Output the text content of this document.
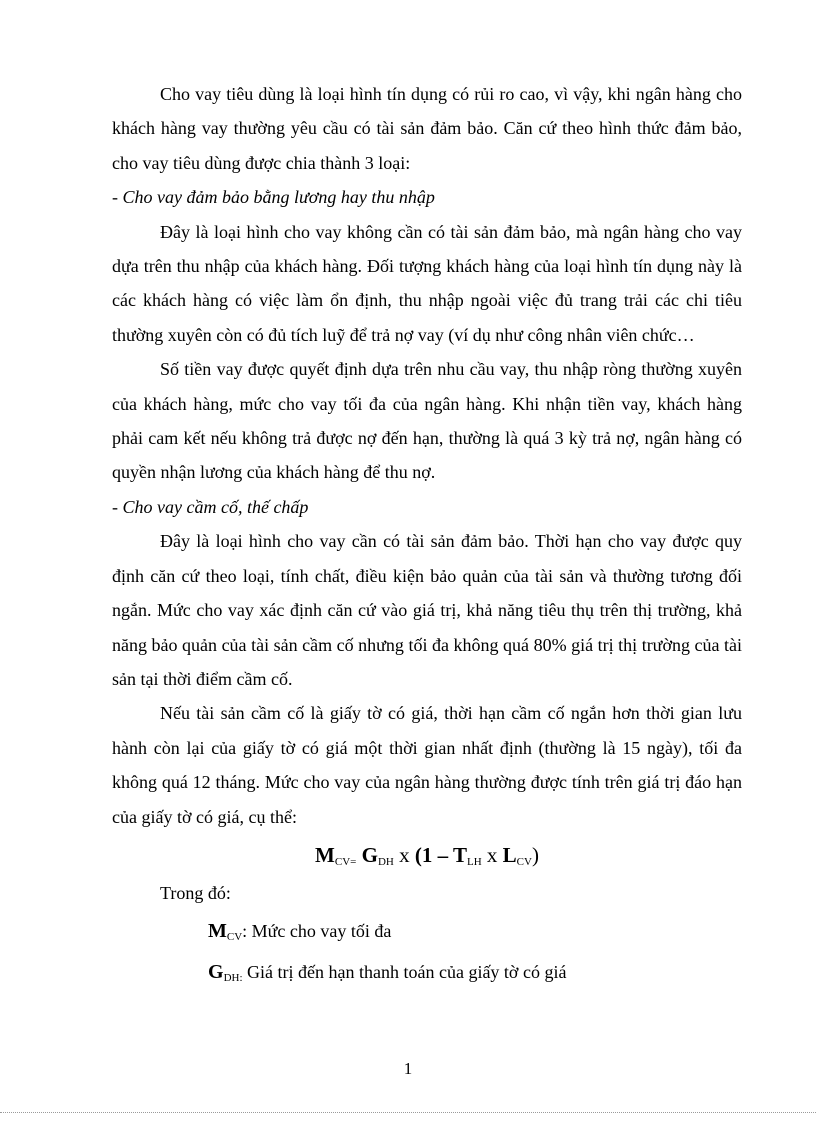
Cho vay tiêu dùng là loại hình tín dụng có rủi ro cao, vì vậy, khi ngân hàng cho khách hàng vay thường yêu cầu có tài sản đảm bảo. Căn cứ theo hình thức đảm bảo, cho vay tiêu dùng được chia thành 3 loại:

- Cho vay đảm bảo bằng lương hay thu nhập

Đây là loại hình cho vay không cần có tài sản đảm bảo, mà ngân hàng cho vay dựa trên thu nhập của khách hàng. Đối tượng khách hàng của loại hình tín dụng này là các khách hàng có việc làm ổn định, thu nhập ngoài việc đủ trang trải các chi tiêu thường xuyên còn có đủ tích luỹ để trả nợ vay (ví dụ như công nhân viên chức…

Số tiền vay được quyết định dựa trên nhu cầu vay, thu nhập ròng thường xuyên của khách hàng, mức cho vay tối đa của ngân hàng. Khi nhận tiền vay, khách hàng phải cam kết nếu không trả được nợ đến hạn, thường là quá 3 kỳ trả nợ, ngân hàng có quyền nhận lương của khách hàng để thu nợ.

- Cho vay cầm cố, thế chấp

Đây là loại hình cho vay cần có tài sản đảm bảo. Thời hạn cho vay được quy định căn cứ theo loại, tính chất, điều kiện bảo quản của tài sản và thường tương đối ngắn. Mức cho vay xác định căn cứ vào giá trị, khả năng tiêu thụ trên thị trường, khả năng bảo quản của tài sản cầm cố nhưng tối đa không quá 80% giá trị thị trường của tài sản tại thời điểm cầm cố.

Nếu tài sản cầm cố là giấy tờ có giá, thời hạn cầm cố ngắn hơn thời gian lưu hành còn lại của giấy tờ có giá một thời gian nhất định (thường là 15 ngày), tối đa không quá 12 tháng. Mức cho vay của ngân hàng thường được tính trên giá trị đáo hạn của giấy tờ có giá, cụ thể:

$M_{CV=}$ $G_{DH}$ x ($1 - T_{LH}$ x $L_{CV}$)

Trong đó:

$M_{CV}$: Mức cho vay tối đa

$G_{DH:}$ Giá trị đến hạn thanh toán của giấy tờ có giá

1
